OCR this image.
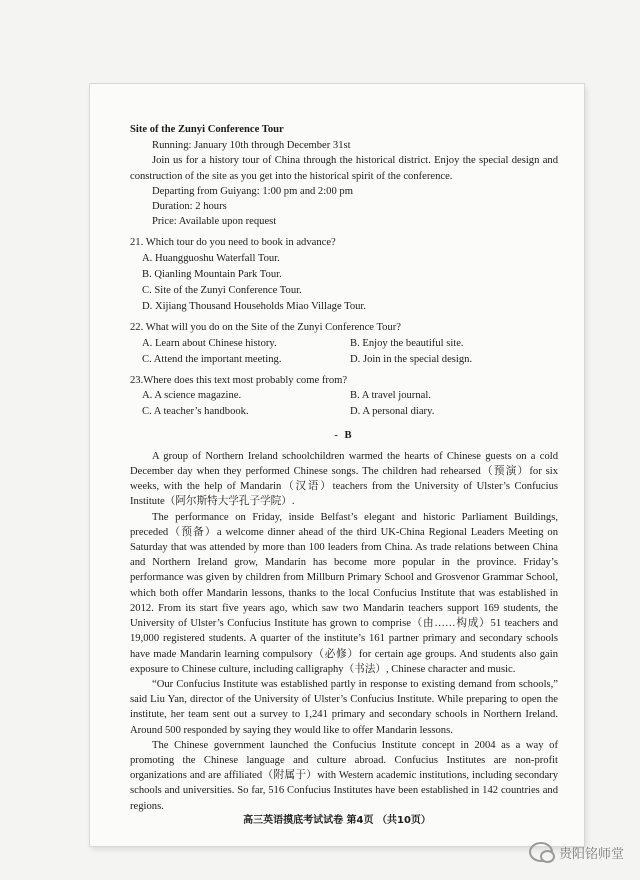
Site of the Zunyi Conference Tour
Running: January 10th through December 31st

Join us for a history tour of China through the historical district. Enjoy the special design and construction of the site as you get into the historical spirit of the conference.

Departing from Guiyang: 1:00 pm and 2:00 pm
Duration: 2 hours
Price: Available upon request
21. Which tour do you need to book in advance?
A. Huangguoshu Waterfall Tour.
B. Qianling Mountain Park Tour.
C. Site of the Zunyi Conference Tour.
D. Xijiang Thousand Households Miao Village Tour.
22. What will you do on the Site of the Zunyi Conference Tour?
A. Learn about Chinese history.	B. Enjoy the beautiful site.
C. Attend the important meeting.	D. Join in the special design.
23.Where does this text most probably come from?
A. A science magazine.	B. A travel journal.
C. A teacher’s handbook.	D. A personal diary.
- B

A group of Northern Ireland schoolchildren warmed the hearts of Chinese guests on a cold December day when they performed Chinese songs. The children had rehearsed（预演）for six weeks, with the help of Mandarin（汉语）teachers from the University of Ulster’s Confucius Institute（阿尔斯特大学孔子学院）.

The performance on Friday, inside Belfast’s elegant and historic Parliament Buildings, preceded（预备）a welcome dinner ahead of the third UK-China Regional Leaders Meeting on Saturday that was attended by more than 100 leaders from China. As trade relations between China and Northern Ireland grow, Mandarin has become more popular in the province. Friday’s performance was given by children from Millburn Primary School and Grosvenor Grammar School, which both offer Mandarin lessons, thanks to the local Confucius Institute that was established in 2012. From its start five years ago, which saw two Mandarin teachers support 169 students, the University of Ulster’s Confucius Institute has grown to comprise（由……构成）51 teachers and 19,000 registered students. A quarter of the institute’s 161 partner primary and secondary schools have made Mandarin learning compulsory（必修）for certain age groups. And students also gain exposure to Chinese culture, including calligraphy（书法）, Chinese character and music.

“Our Confucius Institute was established partly in response to existing demand from schools,” said Liu Yan, director of the University of Ulster’s Confucius Institute. While preparing to open the institute, her team sent out a survey to 1,241 primary and secondary schools in Northern Ireland. Around 500 responded by saying they would like to offer Mandarin lessons.

The Chinese government launched the Confucius Institute concept in 2004 as a way of promoting the Chinese language and culture abroad. Confucius Institutes are non-profit organizations and are affiliated（附属于）with Western academic institutions, including secondary schools and universities. So far, 516 Confucius Institutes have been established in 142 countries and regions.

高三英语摸底考试试卷 第4页 （共10页）
贵阳铭师堂
